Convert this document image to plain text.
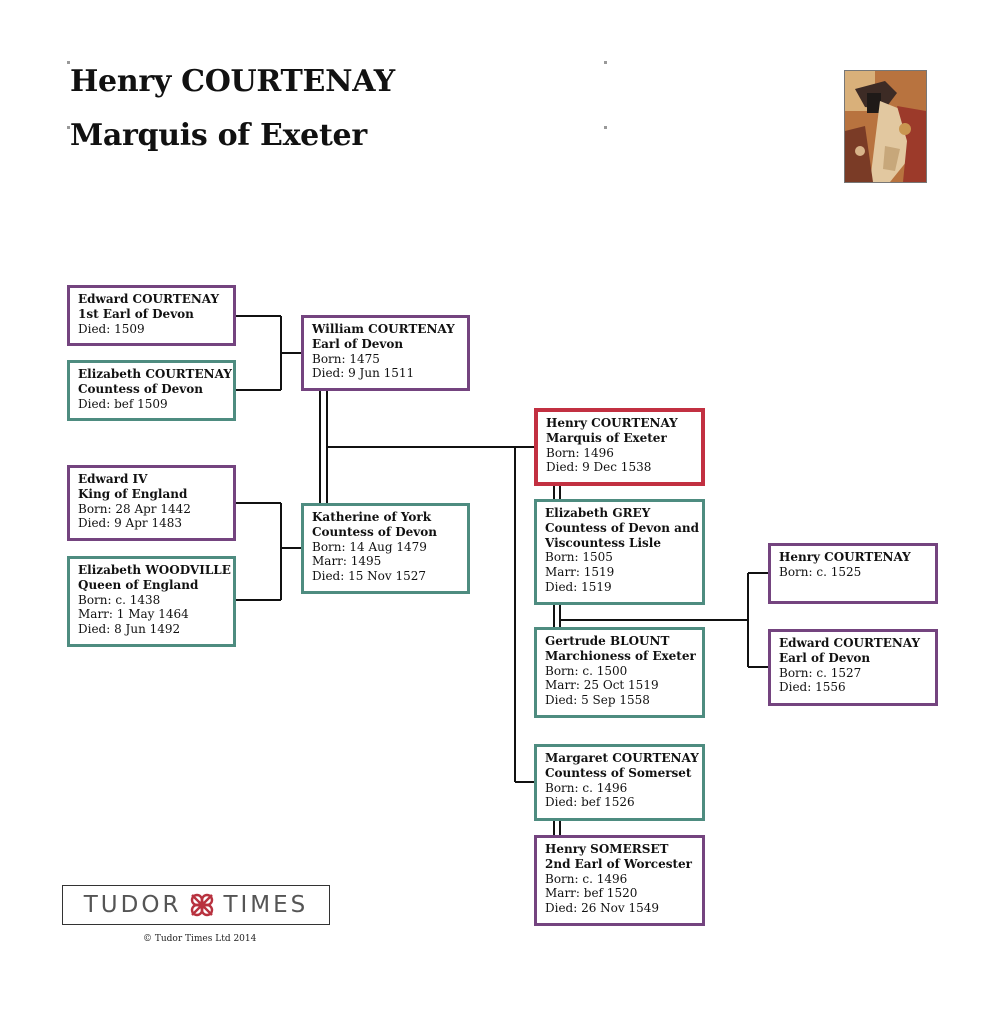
Henry COURTENAY
Marquis of Exeter
Edward COURTENAY
1st Earl of Devon
Died: 1509
Elizabeth COURTENAY
Countess of Devon
Died: bef 1509
William COURTENAY
Earl of Devon
Born: 1475
Died: 9 Jun 1511
Edward IV
King of England
Born: 28 Apr 1442
Died: 9 Apr 1483
Elizabeth WOODVILLE
Queen of England
Born: c. 1438
Marr: 1 May 1464
Died: 8 Jun 1492
Katherine of York
Countess of Devon
Born: 14 Aug 1479
Marr: 1495
Died: 15 Nov 1527
Henry COURTENAY
Marquis of Exeter
Born: 1496
Died: 9 Dec 1538
Elizabeth GREY
Countess of Devon and
Viscountess Lisle
Born: 1505
Marr: 1519
Died: 1519
Gertrude BLOUNT
Marchioness of Exeter
Born: c. 1500
Marr: 25 Oct 1519
Died: 5 Sep 1558
Margaret COURTENAY
Countess of Somerset
Born: c. 1496
Died: bef 1526
Henry SOMERSET
2nd Earl of Worcester
Born: c. 1496
Marr: bef 1520
Died: 26 Nov 1549
Henry COURTENAY
Born: c. 1525
Edward COURTENAY
Earl of Devon
Born: c. 1527
Died: 1556
TUDOR TIMES
© Tudor Times Ltd 2014
